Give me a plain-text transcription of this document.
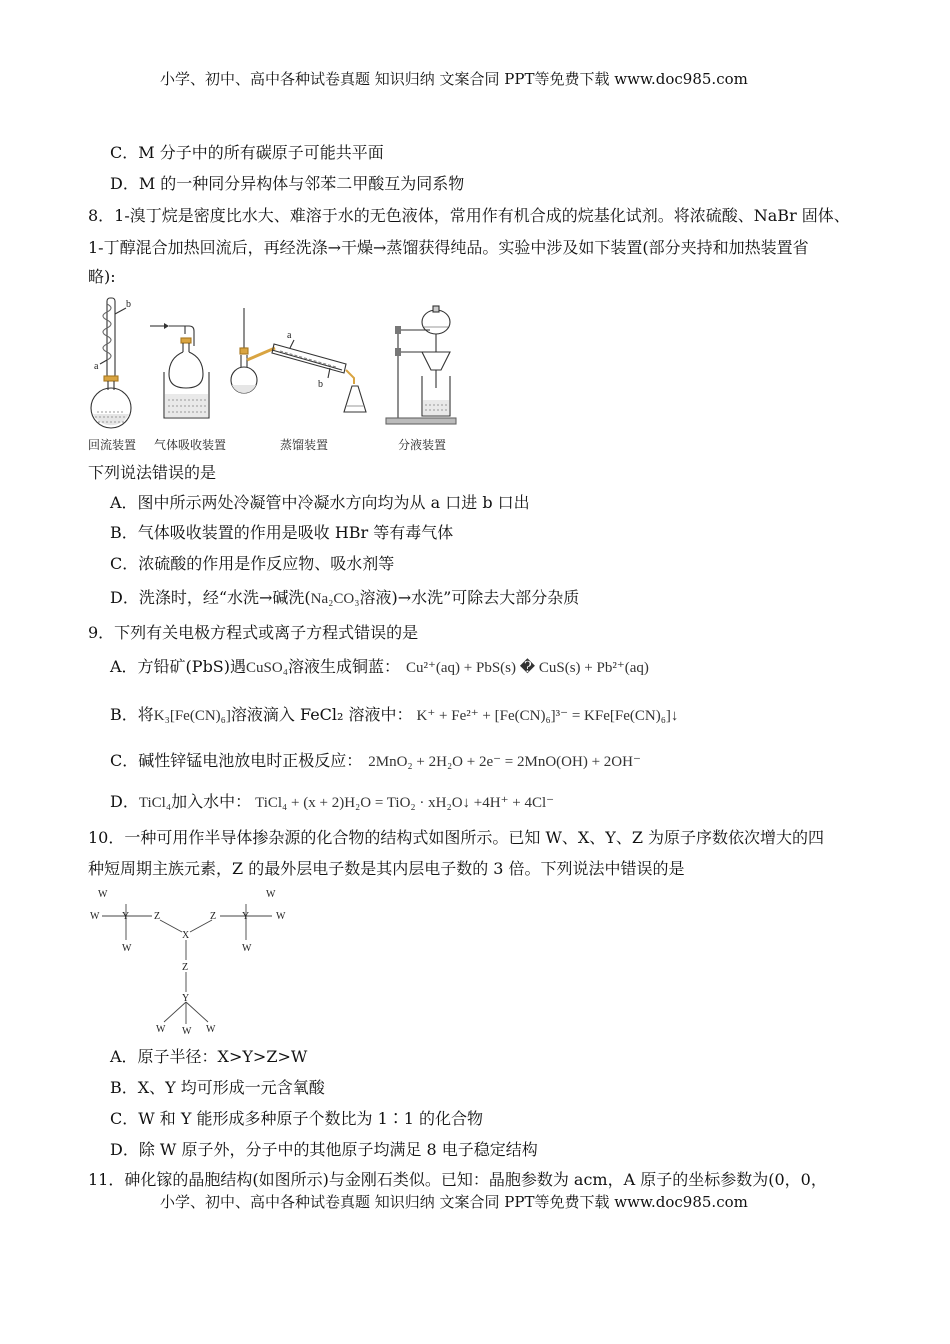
小学、初中、高中各种试卷真题 知识归纳 文案合同 PPT等免费下载 www.doc985.com
C．M 分子中的所有碳原子可能共平面
D．M 的一种同分异构体与邻苯二甲酸互为同系物
8．1-溴丁烷是密度比水大、难溶于水的无色液体，常用作有机合成的烷基化试剂。将浓硫酸、NaBr 固体、
1-丁醇混合加热回流后，再经洗涤→干燥→蒸馏获得纯品。实验中涉及如下装置(部分夹持和加热装置省
略):
b
a
a
b
回流装置 气体吸收装置	蒸馏装置	分液装置
下列说法错误的是
A．图中所示两处冷凝管中冷凝水方向均为从 a 口进 b 口出
B．气体吸收装置的作用是吸收 HBr 等有毒气体
C．浓硫酸的作用是作反应物、吸水剂等
D．洗涤时，经“水洗→碱洗(Na₂CO₃溶液)→水洗”可除去大部分杂质
9．下列有关电极方程式或离子方程式错误的是
A．方铅矿(PbS)遇CuSO₄溶液生成铜蓝： Cu²⁺(aq) + PbS(s) � CuS(s) + Pb²⁺(aq)
B．将K₃[Fe(CN)₆]溶液滴入 FeCl₂ 溶液中： K⁺ + Fe²⁺ + [Fe(CN)₆]³⁻ = KFe[Fe(CN)₆]↓
C．碱性锌锰电池放电时正极反应： 2MnO₂ + 2H₂O + 2e⁻ = 2MnO(OH) + 2OH⁻
D．TiCl₄加入水中： TiCl₄ + (x + 2)H₂O = TiO₂ · xH₂O↓ +4H⁺ + 4Cl⁻
10．一种可用作半导体掺杂源的化合物的结构式如图所示。已知 W、X、Y、Z 为原子序数依次增大的四
种短周期主族元素，Z 的最外层电子数是其内层电子数的 3 倍。下列说法中错误的是
W
W Y
W
Z
W
W
Y
W
Z
X
Z
Y
W	W
W
A．原子半径：X>Y>Z>W
B．X、Y 均可形成一元含氧酸
C．W 和 Y 能形成多种原子个数比为 1∶1 的化合物
D．除 W 原子外，分子中的其他原子均满足 8 电子稳定结构
11．砷化镓的晶胞结构(如图所示)与金刚石类似。已知：晶胞参数为 acm，A 原子的坐标参数为(0，0，
小学、初中、高中各种试卷真题 知识归纳 文案合同 PPT等免费下载 www.doc985.com
